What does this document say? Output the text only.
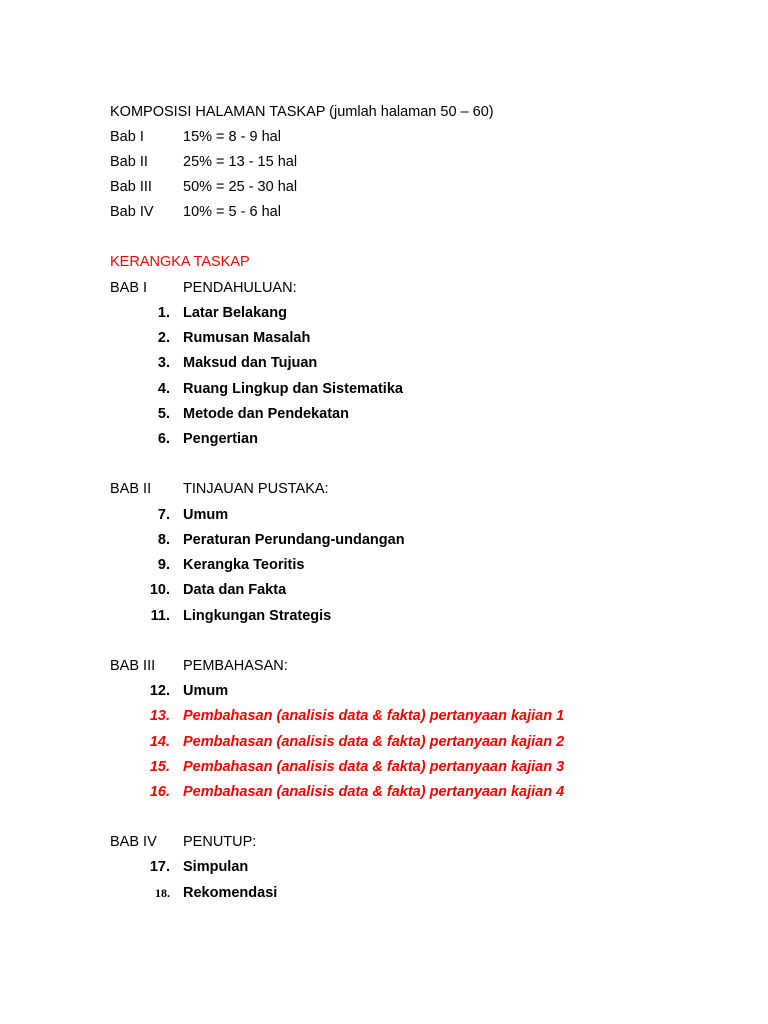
KOMPOSISI HALAMAN TASKAP (jumlah halaman 50 – 60)
Bab I	15% = 8 - 9 hal
Bab II 25% = 13 - 15 hal
Bab III 50% = 25 - 30 hal
Bab IV 10% = 5 - 6 hal
KERANGKA TASKAP
BAB I PENDAHULUAN:
1. Latar Belakang
2. Rumusan Masalah
3. Maksud dan Tujuan
4. Ruang Lingkup dan Sistematika
5. Metode dan Pendekatan
6. Pengertian
BAB II TINJAUAN PUSTAKA:
7. Umum
8. Peraturan Perundang-undangan
9. Kerangka Teoritis
10. Data dan Fakta
11. Lingkungan Strategis
BAB III PEMBAHASAN:
12. Umum
13. Pembahasan (analisis data & fakta) pertanyaan kajian 1
14. Pembahasan (analisis data & fakta) pertanyaan kajian 2
15. Pembahasan (analisis data & fakta) pertanyaan kajian 3
16. Pembahasan (analisis data & fakta) pertanyaan kajian 4
BAB IV PENUTUP:
17. Simpulan
18. Rekomendasi
